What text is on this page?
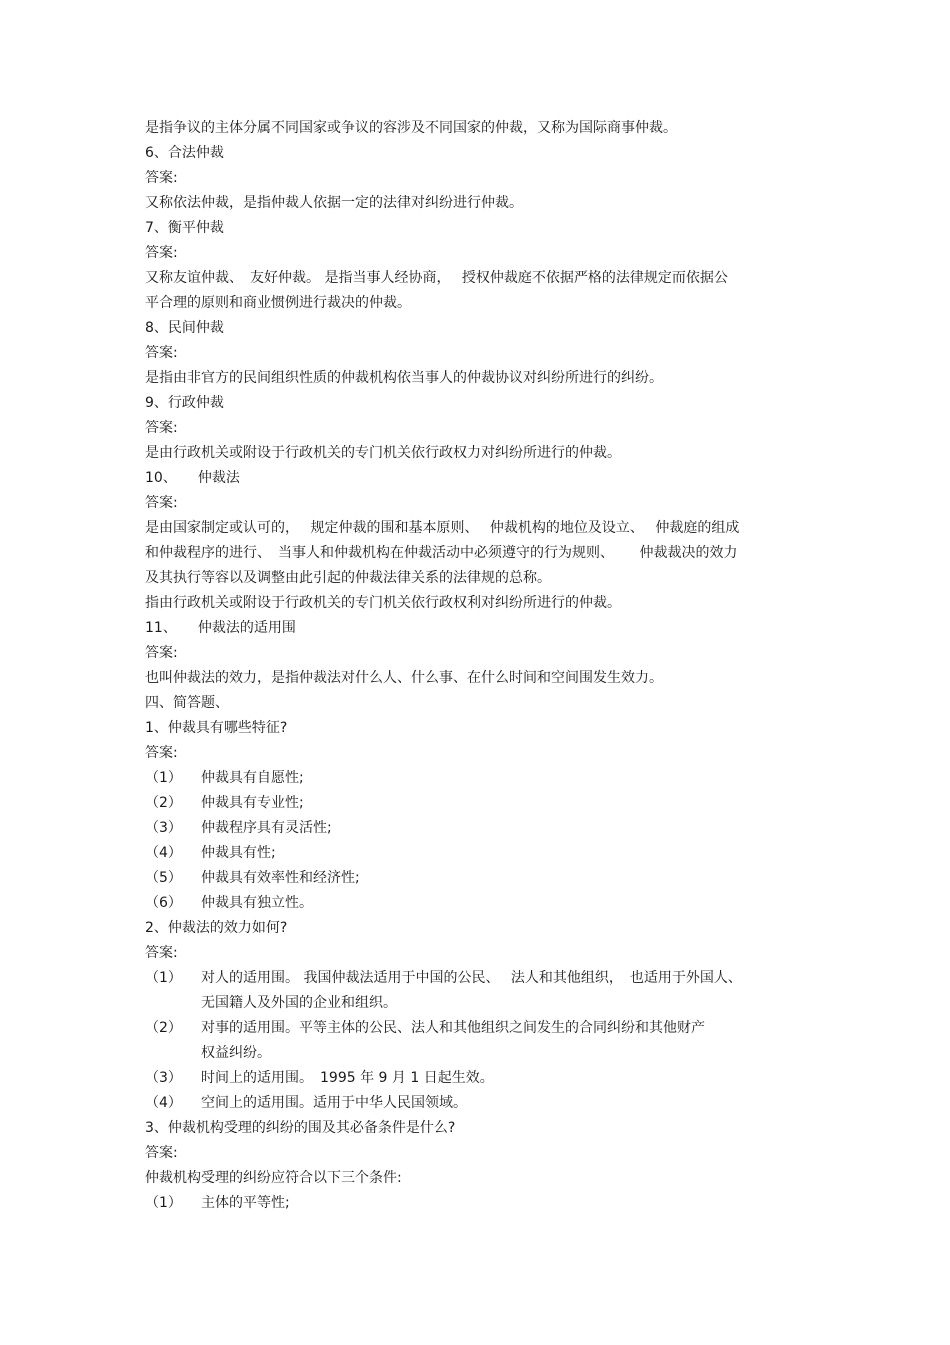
是指争议的主体分属不同国家或争议的容涉及不同国家的仲裁，又称为国际商事仲裁。
6、合法仲裁
答案:
又称依法仲裁，是指仲裁人依据一定的法律对纠纷进行仲裁。
7、衡平仲裁
答案:
又称友谊仲裁、　友好仲裁。 是指当事人经协商，　 授权仲裁庭不依据严格的法律规定而依据公
平合理的原则和商业惯例进行裁决的仲裁。
8、民间仲裁
答案:
是指由非官方的民间组织性质的仲裁机构依当事人的仲裁协议对纠纷所进行的纠纷。
9、行政仲裁
答案:
是由行政机关或附设于行政机关的专门机关依行政权力对纠纷所进行的仲裁。
10、　　仲裁法
答案:
是由国家制定或认可的，　 规定仲裁的围和基本原则、　 仲裁机构的地位及设立、　 仲裁庭的组成
和仲裁程序的进行、　当事人和仲裁机构在仲裁活动中必须遵守的行为规则、　　 仲裁裁决的效力
及其执行等容以及调整由此引起的仲裁法律关系的法律规的总称。
指由行政机关或附设于行政机关的专门机关依行政权利对纠纷所进行的仲裁。
11、　　仲裁法的适用围
答案:
也叫仲裁法的效力，是指仲裁法对什么人、什么事、在什么时间和空间围发生效力。
四、简答题、
1、仲裁具有哪些特征?
答案:
（1）	仲裁具有自愿性;
（2）	仲裁具有专业性;
（3）	仲裁程序具有灵活性;
（4）	仲裁具有性;
（5）	仲裁具有效率性和经济性;
（6）	仲裁具有独立性。
2、仲裁法的效力如何?
答案:
（1）	对人的适用围。 我国仲裁法适用于中国的公民、　 法人和其他组织，　也适用于外国人、
无国籍人及外国的企业和组织。
（2）	对事的适用围。平等主体的公民、法人和其他组织之间发生的合同纠纷和其他财产
权益纠纷。
（3）	时间上的适用围。　1995 年 9 月 1 日起生效。
（4）	空间上的适用围。适用于中华人民国领域。
3、仲裁机构受理的纠纷的围及其必备条件是什么?
答案:
仲裁机构受理的纠纷应符合以下三个条件:
（1）	主体的平等性;
